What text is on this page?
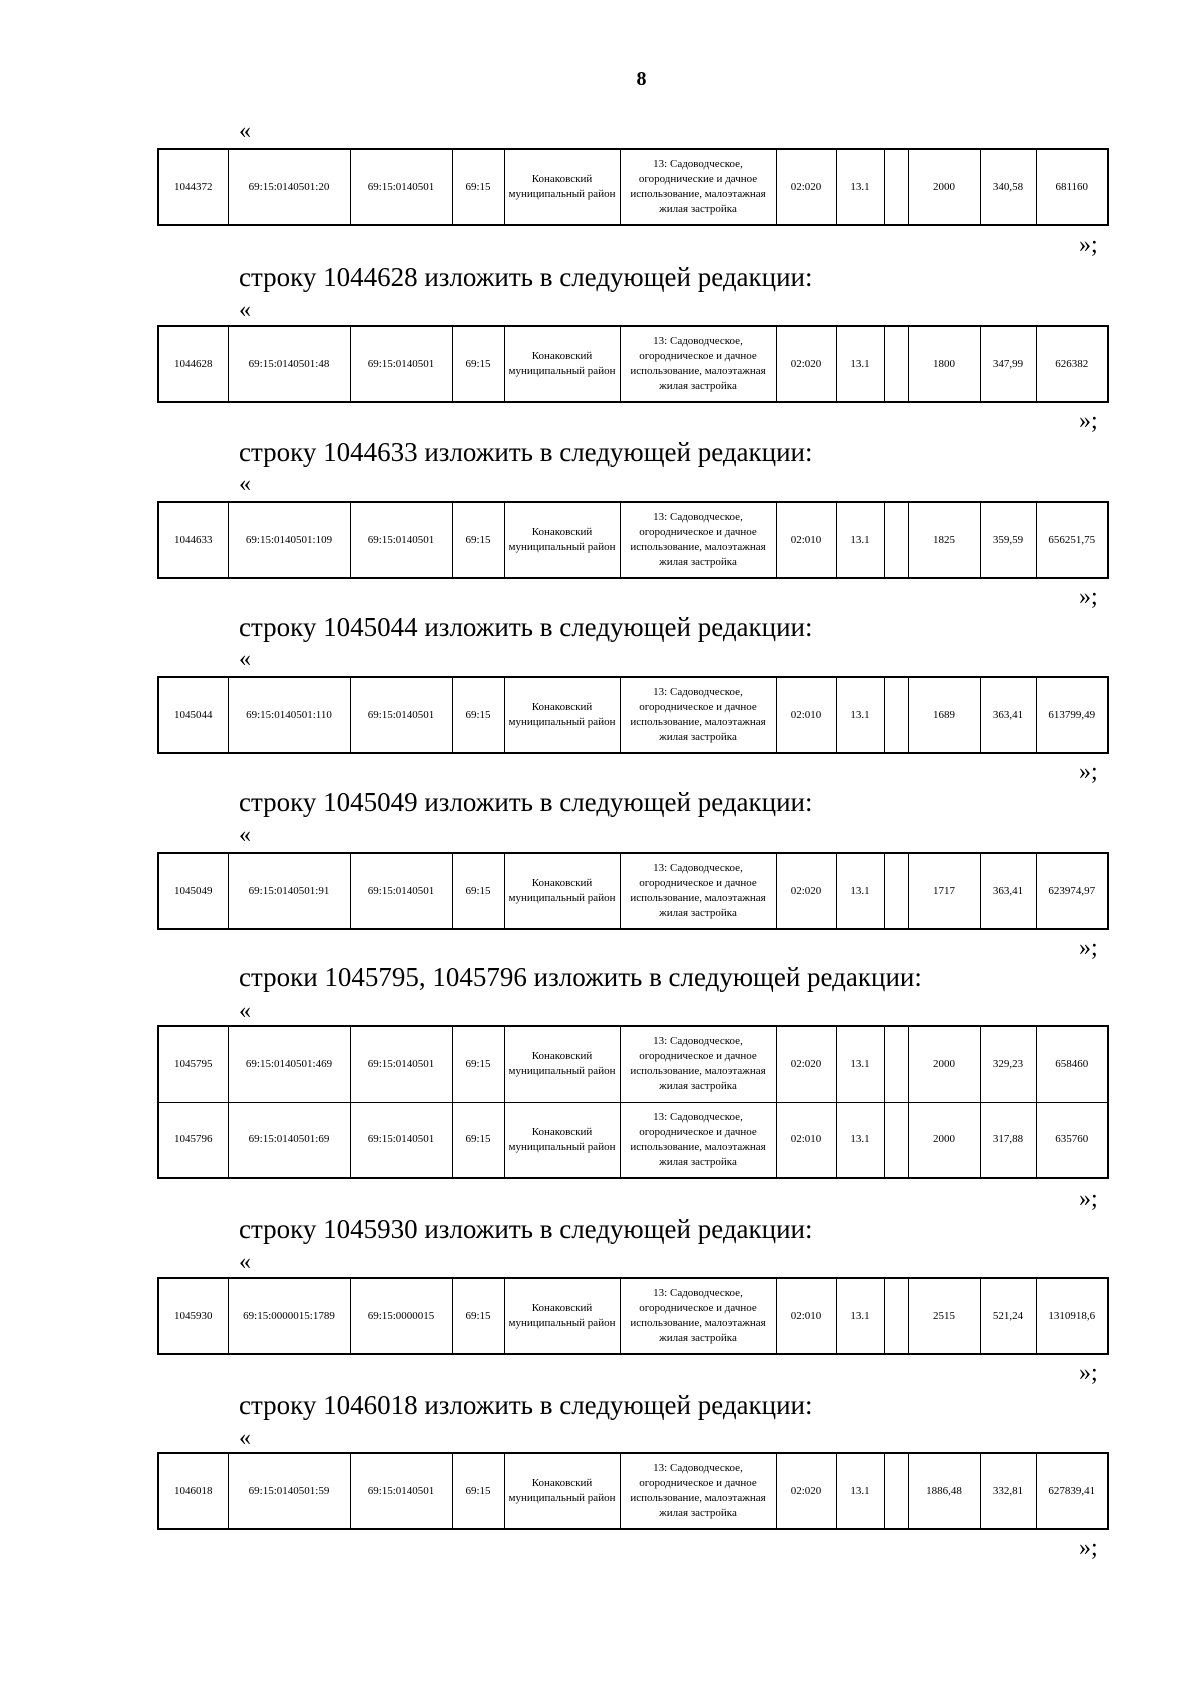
8
«
1044372	69:15:0140501:20	69:15:0140501	69:15	Конаковский муниципальный район	13: Садоводческое, огороднические и дачное использование, малоэтажная жилая застройка	02:020	13.1		2000	340,58	681160
»;
строку 1044628 изложить в следующей редакции:
«
1044628	69:15:0140501:48	69:15:0140501	69:15	Конаковский муниципальный район	13: Садоводческое, огородническое и дачное использование, малоэтажная жилая застройка	02:020	13.1		1800	347,99	626382
»;
строку 1044633 изложить в следующей редакции:
«
1044633	69:15:0140501:109	69:15:0140501	69:15	Конаковский муниципальный район	13: Садоводческое, огородническое и дачное использование, малоэтажная жилая застройка	02:010	13.1		1825	359,59	656251,75
»;
строку 1045044 изложить в следующей редакции:
«
1045044	69:15:0140501:110	69:15:0140501	69:15	Конаковский муниципальный район	13: Садоводческое, огородническое и дачное использование, малоэтажная жилая застройка	02:010	13.1		1689	363,41	613799,49
»;
строку 1045049 изложить в следующей редакции:
«
1045049	69:15:0140501:91	69:15:0140501	69:15	Конаковский муниципальный район	13: Садоводческое, огородническое и дачное использование, малоэтажная жилая застройка	02:020	13.1		1717	363,41	623974,97
»;
строки 1045795, 1045796 изложить в следующей редакции:
«
1045795	69:15:0140501:469	69:15:0140501	69:15	Конаковский муниципальный район	13: Садоводческое, огородническое и дачное использование, малоэтажная жилая застройка	02:020	13.1		2000	329,23	658460
1045796	69:15:0140501:69	69:15:0140501	69:15	Конаковский муниципальный район	13: Садоводческое, огородническое и дачное использование, малоэтажная жилая застройка	02:010	13.1		2000	317,88	635760
»;
строку 1045930 изложить в следующей редакции:
«
1045930	69:15:0000015:1789	69:15:0000015	69:15	Конаковский муниципальный район	13: Садоводческое, огородническое и дачное использование, малоэтажная жилая застройка	02:010	13.1		2515	521,24	1310918,6
»;
строку 1046018 изложить в следующей редакции:
«
1046018	69:15:0140501:59	69:15:0140501	69:15	Конаковский муниципальный район	13: Садоводческое, огородническое и дачное использование, малоэтажная жилая застройка	02:020	13.1		1886,48	332,81	627839,41
»;
